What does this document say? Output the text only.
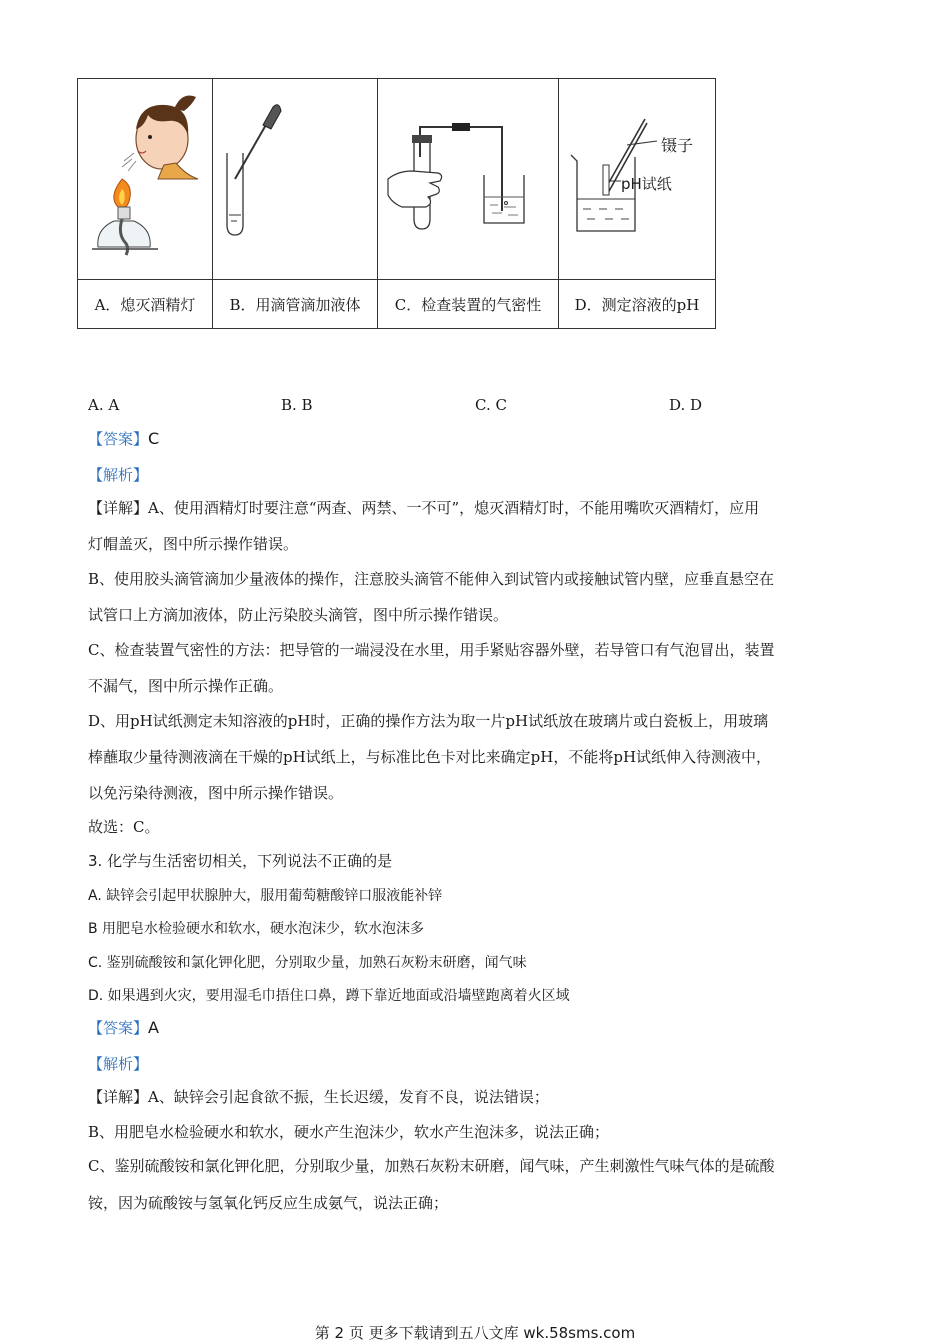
镊子
pH试纸

A．熄灭酒精灯	B．用滴管滴加液体	C．检查装置的气密性	D．测定溶液的pH
A. A	B. B	C. C	D. D
【答案】C
【解析】
【详解】A、使用酒精灯时要注意“两查、两禁、一不可”，熄灭酒精灯时，不能用嘴吹灭酒精灯，应用
灯帽盖灭，图中所示操作错误。
B、使用胶头滴管滴加少量液体的操作，注意胶头滴管不能伸入到试管内或接触试管内壁，应垂直悬空在
试管口上方滴加液体，防止污染胶头滴管，图中所示操作错误。
C、检查装置气密性的方法：把导管的一端浸没在水里，用手紧贴容器外壁，若导管口有气泡冒出，装置
不漏气，图中所示操作正确。
D、用pH试纸测定未知溶液的pH时，正确的操作方法为取一片pH试纸放在玻璃片或白瓷板上，用玻璃
棒蘸取少量待测液滴在干燥的pH试纸上，与标准比色卡对比来确定pH，不能将pH试纸伸入待测液中，
以免污染待测液，图中所示操作错误。
故选：C。
3. 化学与生活密切相关，下列说法不正确的是
A. 缺锌会引起甲状腺肿大，服用葡萄糖酸锌口服液能补锌
B 用肥皂水检验硬水和软水，硬水泡沫少，软水泡沫多
C. 鉴别硫酸铵和氯化钾化肥，分别取少量，加熟石灰粉末研磨，闻气味
D. 如果遇到火灾，要用湿毛巾捂住口鼻，蹲下靠近地面或沿墙壁跑离着火区域
【答案】A
【解析】
【详解】A、缺锌会引起食欲不振，生长迟缓，发育不良，说法错误；
B、用肥皂水检验硬水和软水，硬水产生泡沫少，软水产生泡沫多，说法正确；
C、鉴别硫酸铵和氯化钾化肥，分别取少量，加熟石灰粉末研磨，闻气味，产生刺激性气味气体的是硫酸
铵，因为硫酸铵与氢氧化钙反应生成氨气，说法正确；
第 2 页 更多下载请到五八文库 wk.58sms.com
